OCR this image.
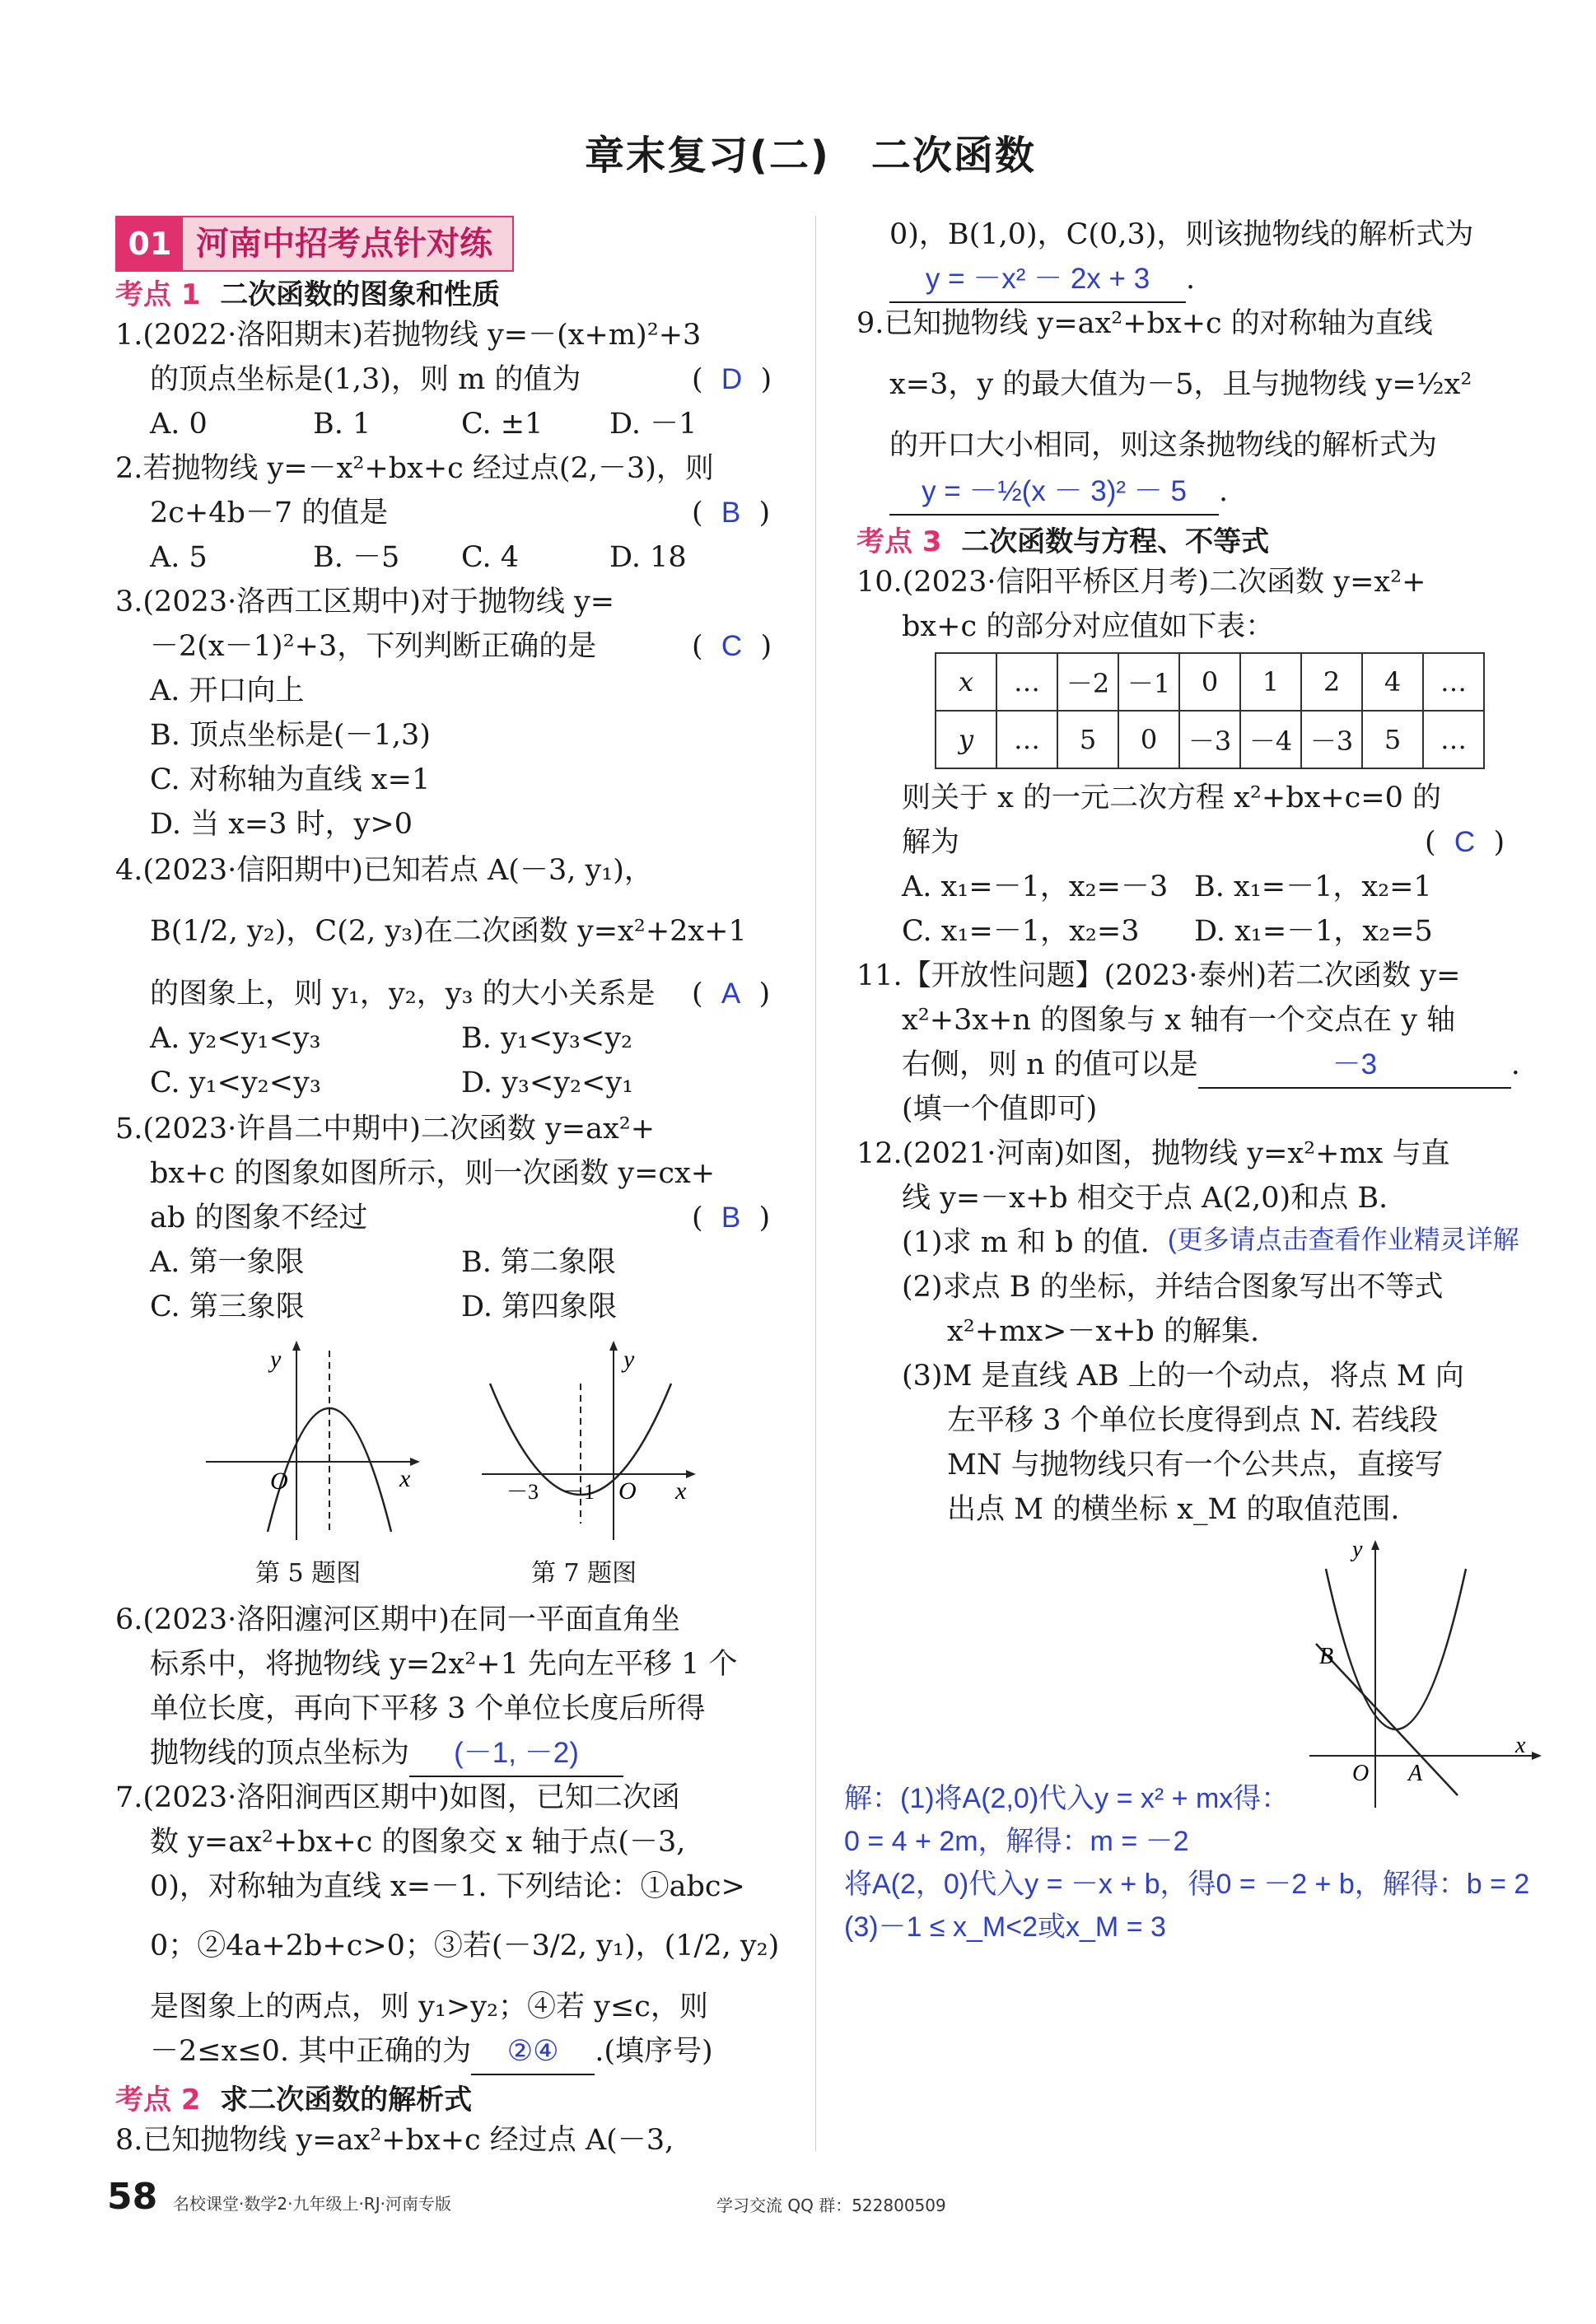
章末复习(二)　二次函数
01 河南中招考点针对练
考点 1 二次函数的图象和性质
1.(2022·洛阳期末)若抛物线 y=－(x+m)²+3
的顶点坐标是(1,3)，则 m 的值为	(  D  )
A. 0	B. 1	C. ±1 D. －1
2.若抛物线 y=－x²+bx+c 经过点(2,－3)，则
2c+4b－7 的值是	(  B  )
A. 5	B. －5 C. 4	D. 18
3.(2023·洛西工区期中)对于抛物线 y=
－2(x－1)²+3，下列判断正确的是	(  C  )
A. 开口向上
B. 顶点坐标是(－1,3)
C. 对称轴为直线 x=1
D. 当 x=3 时，y>0
4.(2023·信阳期中)已知若点 A(－3, y₁)，
B(1/2, y₂)，C(2, y₃)在二次函数 y=x²+2x+1
的图象上，则 y₁，y₂，y₃ 的大小关系是 (  A  )
A. y₂<y₁<y₃	B. y₁<y₃<y₂
C. y₁<y₂<y₃	D. y₃<y₂<y₁
5.(2023·许昌二中期中)二次函数 y=ax²+
bx+c 的图象如图所示，则一次函数 y=cx+
ab 的图象不经过	(  B  )
A. 第一象限	B. 第二象限
C. 第三象限	D. 第四象限
y
x
O
第 5 题图
y
x
O
－3 －1
第 7 题图
6.(2023·洛阳瀍河区期中)在同一平面直角坐
标系中，将抛物线 y=2x²+1 先向左平移 1 个
单位长度，再向下平移 3 个单位长度后所得
抛物线的顶点坐标为 (－1, －2)
7.(2023·洛阳涧西区期中)如图，已知二次函
数 y=ax²+bx+c 的图象交 x 轴于点(－3,
0)，对称轴为直线 x=－1. 下列结论：①abc>
0；②4a+2b+c>0；③若(－3/2, y₁)，(1/2, y₂)
是图象上的两点，则 y₁>y₂；④若 y≤c，则
－2≤x≤0. 其中正确的为 ②④ .(填序号)
考点 2 求二次函数的解析式
8.已知抛物线 y=ax²+bx+c 经过点 A(－3,
58 名校课堂·数学2·九年级上·RJ·河南专版	学习交流 QQ 群：522800509
0)，B(1,0)，C(0,3)，则该抛物线的解析式为
y = －x² － 2x + 3 .
9.已知抛物线 y=ax²+bx+c 的对称轴为直线
x=3，y 的最大值为－5，且与抛物线 y=½x²
的开口大小相同，则这条抛物线的解析式为
y = －½(x － 3)² － 5 .
考点 3 二次函数与方程、不等式
10.(2023·信阳平桥区月考)二次函数 y=x²+
bx+c 的部分对应值如下表：
x	…	－2	－1	0	1	2	4	…
y	…	5	0	－3	－4	－3	5	…
则关于 x 的一元二次方程 x²+bx+c=0 的
解为	(  C  )
A. x₁=－1，x₂=－3 B. x₁=－1，x₂=1
C. x₁=－1，x₂=3 D. x₁=－1，x₂=5
11.【开放性问题】(2023·泰州)若二次函数 y=
x²+3x+n 的图象与 x 轴有一个交点在 y 轴
右侧，则 n 的值可以是	－3	.
(填一个值即可)
12.(2021·河南)如图，抛物线 y=x²+mx 与直
线 y=－x+b 相交于点 A(2,0)和点 B.
(1)求 m 和 b 的值. (更多请点击查看作业精灵详解
(2)求点 B 的坐标，并结合图象写出不等式
x²+mx>－x+b 的解集.
(3)M 是直线 AB 上的一个动点，将点 M 向
左平移 3 个单位长度得到点 N. 若线段
MN 与抛物线只有一个公共点，直接写
出点 M 的横坐标 x_M 的取值范围.
y
x
O A
B
解：(1)将A(2,0)代入y = x² + mx得：
0 = 4 + 2m，解得：m = －2
将A(2，0)代入y = －x + b，得0 = －2 + b，解得：b = 2
(3)－1 ≤ x_M<2或x_M = 3
